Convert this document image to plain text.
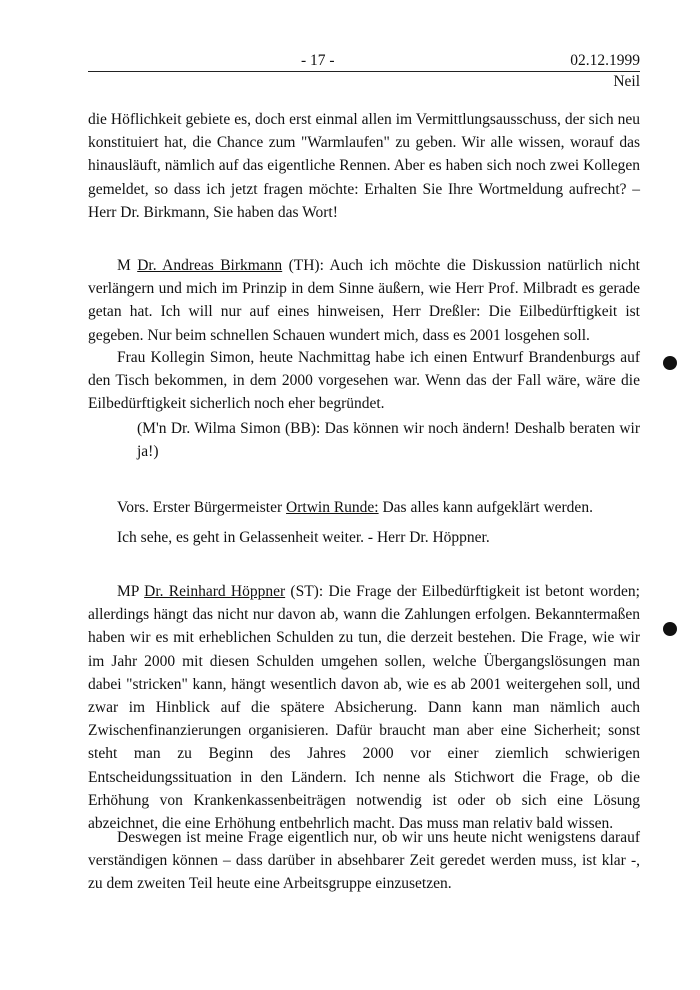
- 17 -	02.12.1999
Neil

die Höflichkeit gebiete es, doch erst einmal allen im Vermittlungsausschuss, der sich neu konstituiert hat, die Chance zum "Warmlaufen" zu geben. Wir alle wissen, worauf das hinausläuft, nämlich auf das eigentliche Rennen. Aber es haben sich noch zwei Kollegen gemeldet, so dass ich jetzt fragen möchte: Erhalten Sie Ihre Wortmeldung aufrecht? – Herr Dr. Birkmann, Sie haben das Wort!

M Dr. Andreas Birkmann (TH): Auch ich möchte die Diskussion natürlich nicht verlängern und mich im Prinzip in dem Sinne äußern, wie Herr Prof. Milbradt es gerade getan hat. Ich will nur auf eines hinweisen, Herr Dreßler: Die Eilbedürftigkeit ist gegeben. Nur beim schnellen Schauen wundert mich, dass es 2001 losgehen soll.

Frau Kollegin Simon, heute Nachmittag habe ich einen Entwurf Brandenburgs auf den Tisch bekommen, in dem 2000 vorgesehen war. Wenn das der Fall wäre, wäre die Eilbedürftigkeit sicherlich noch eher begründet.

(M'n Dr. Wilma Simon (BB): Das können wir noch ändern! Deshalb beraten wir ja!)

Vors. Erster Bürgermeister Ortwin Runde: Das alles kann aufgeklärt werden.

Ich sehe, es geht in Gelassenheit weiter. - Herr Dr. Höppner.

MP Dr. Reinhard Höppner (ST): Die Frage der Eilbedürftigkeit ist betont worden; allerdings hängt das nicht nur davon ab, wann die Zahlungen erfolgen. Bekanntermaßen haben wir es mit erheblichen Schulden zu tun, die derzeit bestehen. Die Frage, wie wir im Jahr 2000 mit diesen Schulden umgehen sollen, welche Übergangslösungen man dabei "stricken" kann, hängt wesentlich davon ab, wie es ab 2001 weitergehen soll, und zwar im Hinblick auf die spätere Absicherung. Dann kann man nämlich auch Zwischenfinanzierungen organisieren. Dafür braucht man aber eine Sicherheit; sonst steht man zu Beginn des Jahres 2000 vor einer ziemlich schwierigen Entscheidungssituation in den Ländern. Ich nenne als Stichwort die Frage, ob die Erhöhung von Krankenkassenbeiträgen notwendig ist oder ob sich eine Lösung abzeichnet, die eine Erhöhung entbehrlich macht. Das muss man relativ bald wissen.

Deswegen ist meine Frage eigentlich nur, ob wir uns heute nicht wenigstens darauf verständigen können – dass darüber in absehbarer Zeit geredet werden muss, ist klar -, zu dem zweiten Teil heute eine Arbeitsgruppe einzusetzen.
